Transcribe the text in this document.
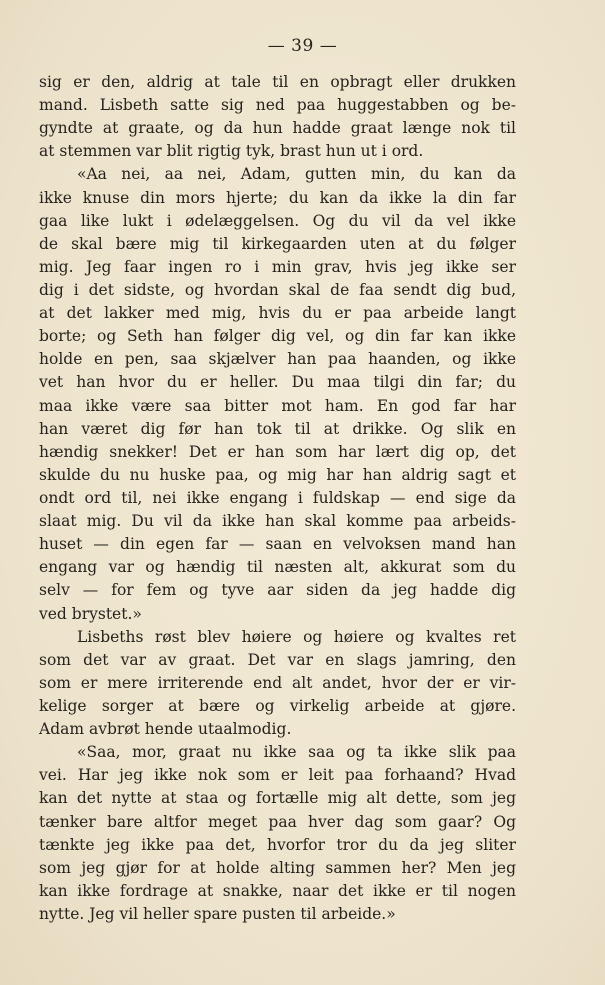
— 39 —
sig er den, aldrig at tale til en opbragt eller drukken
mand. Lisbeth satte sig ned paa huggestabben og be-
gyndte at graate, og da hun hadde graat længe nok til
at stemmen var blit rigtig tyk, brast hun ut i ord.
«Aa nei, aa nei, Adam, gutten min, du kan da
ikke knuse din mors hjerte; du kan da ikke la din far
gaa like lukt i ødelæggelsen. Og du vil da vel ikke
de skal bære mig til kirkegaarden uten at du følger
mig. Jeg faar ingen ro i min grav, hvis jeg ikke ser
dig i det sidste, og hvordan skal de faa sendt dig bud,
at det lakker med mig, hvis du er paa arbeide langt
borte; og Seth han følger dig vel, og din far kan ikke
holde en pen, saa skjælver han paa haanden, og ikke
vet han hvor du er heller. Du maa tilgi din far; du
maa ikke være saa bitter mot ham. En god far har
han været dig før han tok til at drikke. Og slik en
hændig snekker! Det er han som har lært dig op, det
skulde du nu huske paa, og mig har han aldrig sagt et
ondt ord til, nei ikke engang i fuldskap — end sige da
slaat mig. Du vil da ikke han skal komme paa arbeids-
huset — din egen far — saan en velvoksen mand han
engang var og hændig til næsten alt, akkurat som du
selv — for fem og tyve aar siden da jeg hadde dig
ved brystet.»
Lisbeths røst blev høiere og høiere og kvaltes ret
som det var av graat. Det var en slags jamring, den
som er mere irriterende end alt andet, hvor der er vir-
kelige sorger at bære og virkelig arbeide at gjøre.
Adam avbrøt hende utaalmodig.
«Saa, mor, graat nu ikke saa og ta ikke slik paa
vei. Har jeg ikke nok som er leit paa forhaand? Hvad
kan det nytte at staa og fortælle mig alt dette, som jeg
tænker bare altfor meget paa hver dag som gaar? Og
tænkte jeg ikke paa det, hvorfor tror du da jeg sliter
som jeg gjør for at holde alting sammen her? Men jeg
kan ikke fordrage at snakke, naar det ikke er til nogen
nytte. Jeg vil heller spare pusten til arbeide.»
